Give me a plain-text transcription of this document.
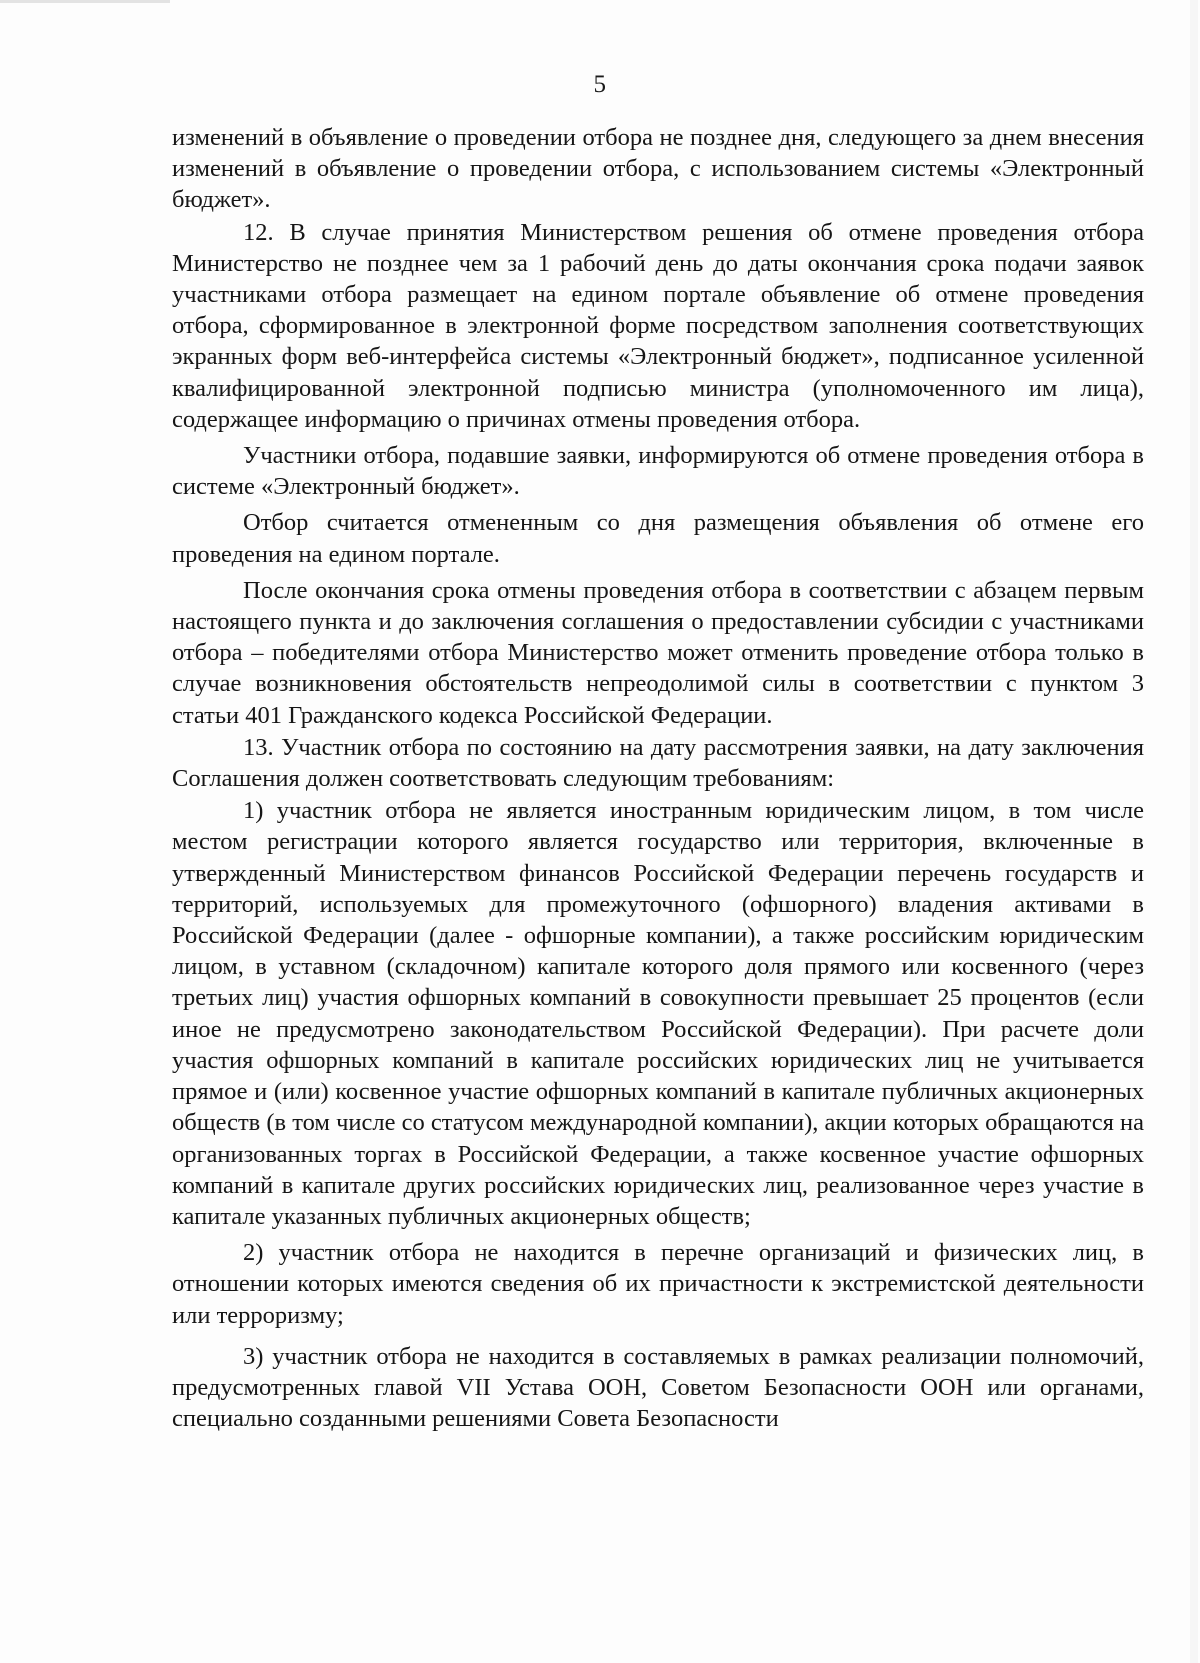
5

изменений в объявление о проведении отбора не позднее дня, следующего за днем внесения изменений в объявление о проведении отбора, с использованием системы «Электронный бюджет».

12. В случае принятия Министерством решения об отмене проведения отбора Министерство не позднее чем за 1 рабочий день до даты окончания срока подачи заявок участниками отбора размещает на едином портале объявление об отмене проведения отбора, сформированное в электронной форме посредством заполнения соответствующих экранных форм веб-интерфейса системы «Электронный бюджет», подписанное усиленной квалифицированной электронной подписью министра (уполномоченного им лица), содержащее информацию о причинах отмены проведения отбора.

Участники отбора, подавшие заявки, информируются об отмене проведения отбора в системе «Электронный бюджет».

Отбор считается отмененным со дня размещения объявления об отмене его проведения на едином портале.

После окончания срока отмены проведения отбора в соответствии с абзацем первым настоящего пункта и до заключения соглашения о предоставлении субсидии с участниками отбора – победителями отбора Министерство может отменить проведение отбора только в случае возникновения обстоятельств непреодолимой силы в соответствии с пунктом 3 статьи 401 Гражданского кодекса Российской Федерации.

13. Участник отбора по состоянию на дату рассмотрения заявки, на дату заключения Соглашения должен соответствовать следующим требованиям:

1) участник отбора не является иностранным юридическим лицом, в том числе местом регистрации которого является государство или территория, включенные в утвержденный Министерством финансов Российской Федерации перечень государств и территорий, используемых для промежуточного (офшорного) владения активами в Российской Федерации (далее - офшорные компании), а также российским юридическим лицом, в уставном (складочном) капитале которого доля прямого или косвенного (через третьих лиц) участия офшорных компаний в совокупности превышает 25 процентов (если иное не предусмотрено законодательством Российской Федерации). При расчете доли участия офшорных компаний в капитале российских юридических лиц не учитывается прямое и (или) косвенное участие офшорных компаний в капитале публичных акционерных обществ (в том числе со статусом международной компании), акции которых обращаются на организованных торгах в Российской Федерации, а также косвенное участие офшорных компаний в капитале других российских юридических лиц, реализованное через участие в капитале указанных публичных акционерных обществ;

2) участник отбора не находится в перечне организаций и физических лиц, в отношении которых имеются сведения об их причастности к экстремистской деятельности или терроризму;

3) участник отбора не находится в составляемых в рамках реализации полномочий, предусмотренных главой VII Устава ООН, Советом Безопасности ООН или органами, специально созданными решениями Совета Безопасности
